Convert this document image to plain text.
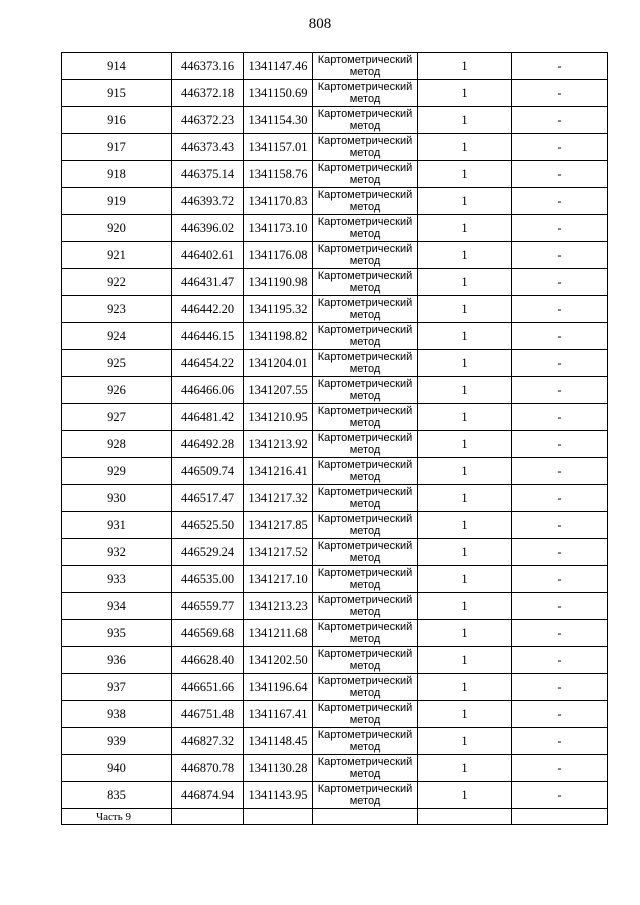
808
914	446373.16	1341147.46	Картометрический метод	1	-
915	446372.18	1341150.69	Картометрический метод	1	-
916	446372.23	1341154.30	Картометрический метод	1	-
917	446373.43	1341157.01	Картометрический метод	1	-
918	446375.14	1341158.76	Картометрический метод	1	-
919	446393.72	1341170.83	Картометрический метод	1	-
920	446396.02	1341173.10	Картометрический метод	1	-
921	446402.61	1341176.08	Картометрический метод	1	-
922	446431.47	1341190.98	Картометрический метод	1	-
923	446442.20	1341195.32	Картометрический метод	1	-
924	446446.15	1341198.82	Картометрический метод	1	-
925	446454.22	1341204.01	Картометрический метод	1	-
926	446466.06	1341207.55	Картометрический метод	1	-
927	446481.42	1341210.95	Картометрический метод	1	-
928	446492.28	1341213.92	Картометрический метод	1	-
929	446509.74	1341216.41	Картометрический метод	1	-
930	446517.47	1341217.32	Картометрический метод	1	-
931	446525.50	1341217.85	Картометрический метод	1	-
932	446529.24	1341217.52	Картометрический метод	1	-
933	446535.00	1341217.10	Картометрический метод	1	-
934	446559.77	1341213.23	Картометрический метод	1	-
935	446569.68	1341211.68	Картометрический метод	1	-
936	446628.40	1341202.50	Картометрический метод	1	-
937	446651.66	1341196.64	Картометрический метод	1	-
938	446751.48	1341167.41	Картометрический метод	1	-
939	446827.32	1341148.45	Картометрический метод	1	-
940	446870.78	1341130.28	Картометрический метод	1	-
835	446874.94	1341143.95	Картометрический метод	1	-
Часть 9					
